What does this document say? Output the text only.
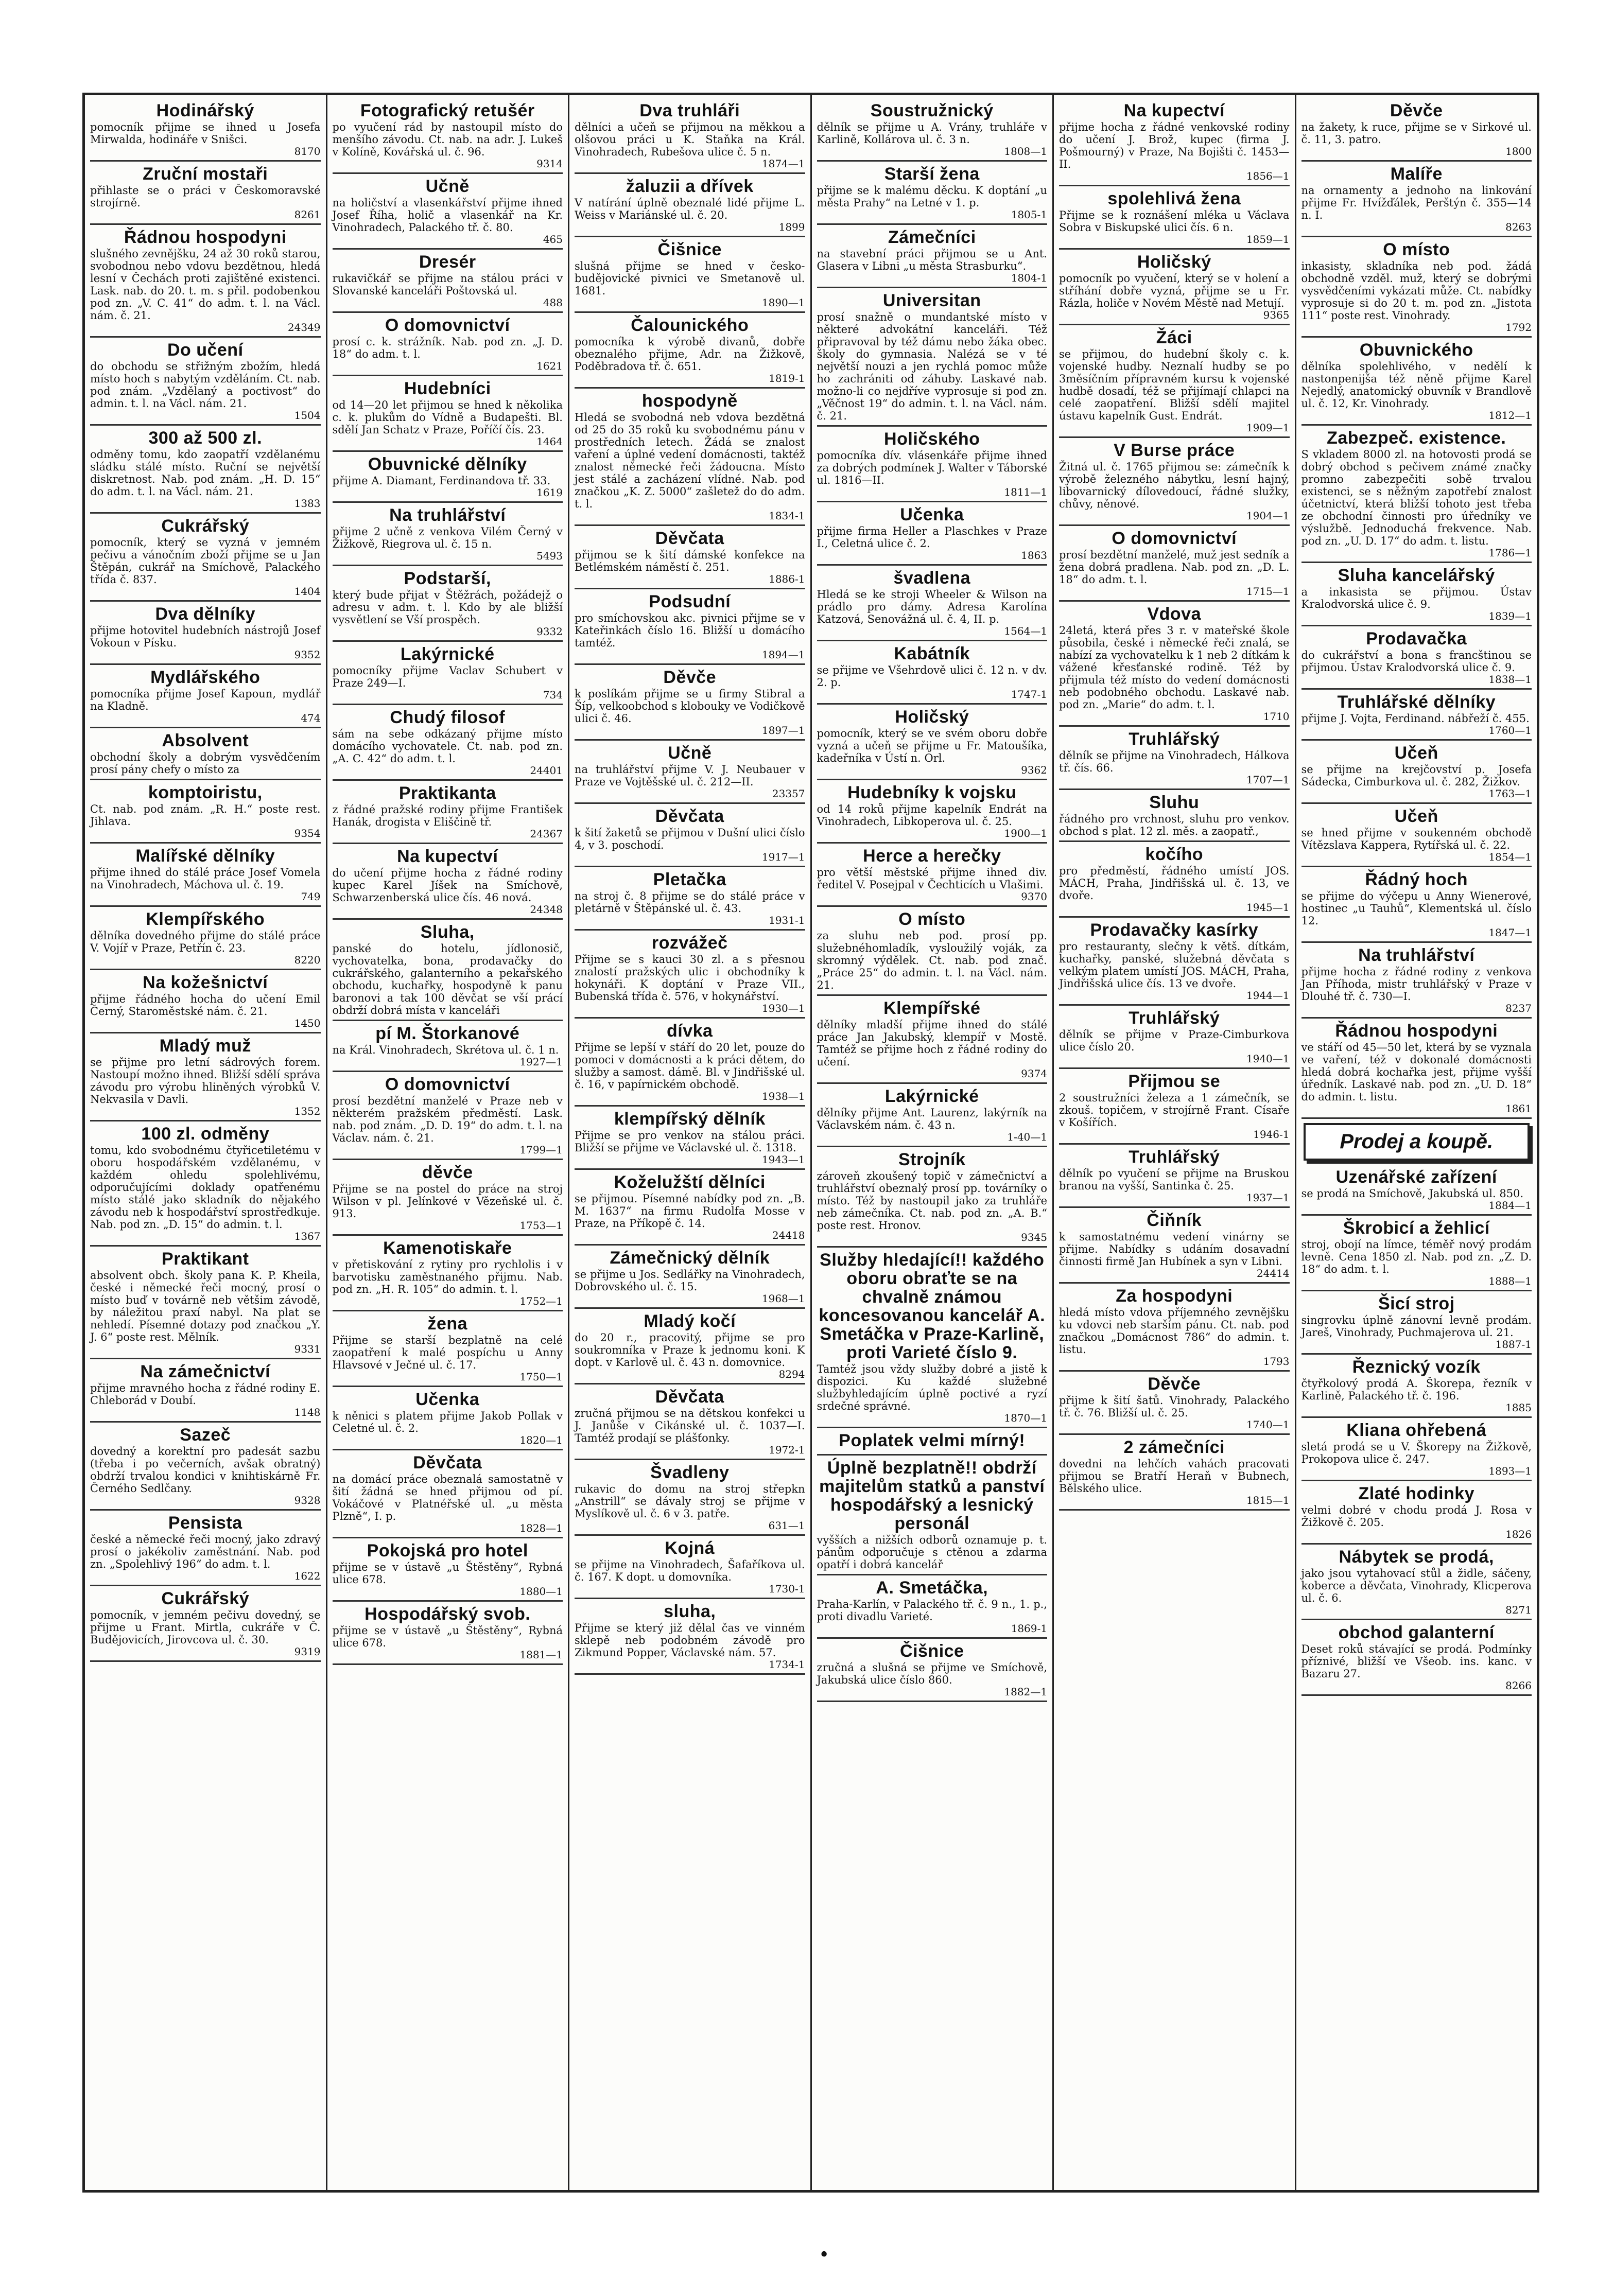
Hodinářský

pomocník přijme se ihned u Josefa Mirwalda, hodináře v Snišci.

8170
Zruční mostaři

přihlaste se o práci v Českomoravské strojírně.

8261
Řádnou hospodyni

slušného zevnějšku, 24 až 30 roků starou, svobodnou nebo vdovu bezdětnou, hledá lesní v Čechách proti zajištěné existenci. Lask. nab. do 20. t. m. s přil. podobenkou pod zn. „V. C. 41“ do adm. t. l. na Václ. nám. č. 21.

24349
Do učení

do obchodu se střižným zbožím, hledá místo hoch s nabytým vzděláním. Ct. nab. pod znám. „Vzdělaný a poctivost“ do admin. t. l. na Václ. nám. 21.

1504
300 až 500 zl.

odměny tomu, kdo zaopatří vzdělanému sládku stálé místo. Ruční se největší diskretnost. Nab. pod znám. „H. D. 15“ do adm. t. l. na Václ. nám. 21.

1383
Cukrářský

pomocník, který se vyzná v jemném pečivu a vánočním zboží přijme se u Jan Štěpán, cukrář na Smíchově, Palackého třída č. 837.

1404
Dva dělníky

přijme hotovitel hudebních nástrojů Josef Vokoun v Písku.

9352
Mydlářského

pomocníka přijme Josef Kapoun, mydlář na Kladně.

474
Absolvent

obchodní školy a dobrým vysvědčením prosí pány chefy o místo za

komptoiristu,

Ct. nab. pod znám. „R. H.“ poste rest. Jihlava.

9354
Malířské dělníky

přijme ihned do stálé práce Josef Vomela na Vinohradech, Máchova ul. č. 19.

749
Klempířského

dělníka dovedného přijme do stálé práce V. Vojíř v Praze, Petřín č. 23.

8220
Na kožešnictví

přijme řádného hocha do učení Emil Černý, Staroměstské nám. č. 21.

1450
Mladý muž

se přijme pro letní sádrových forem. Nastoupí možno ihned. Bližší sdělí správa závodu pro výrobu hliněných výrobků V. Nekvasila v Davli.

1352
100 zl. odměny

tomu, kdo svobodnému čtyřicetiletému v oboru hospodářském vzdělanému, v každém ohledu spolehlivému, odporučujícími doklady opatřenému místo stálé jako skladník do nějakého závodu neb k hospodářství sprostředkuje. Nab. pod zn. „D. 15“ do admin. t. l.

1367
Praktikant

absolvent obch. školy pana K. P. Kheila, české i německé řeči mocný, prosí o místo buď v továrně neb většim závodě, by náležitou praxí nabyl. Na plat se nehledí. Písemné dotazy pod značkou „Y. J. 6“ poste rest. Mělník.

9331
Na zámečnictví

přijme mravného hocha z řádné rodiny E. Chleborád v Doubí.

1148
Sazeč

dovedný a korektní pro padesát sazbu (třeba i po večerních, avšak obratný) obdrží trvalou kondici v knihtiskárně Fr. Černého Sedlčany.

9328
Pensista

české a německé řeči mocný, jako zdravý prosí o jakékoliv zaměstnání. Nab. pod zn. „Spolehlivý 196“ do adm. t. l.

1622
Cukrářský

pomocník, v jemném pečivu dovedný, se přijme u Frant. Mirtla, cukráře v Č. Budějovicích, Jirovcova ul. č. 30.

9319
Fotografický retušér

po vyučení rád by nastoupil místo do menšího závodu. Ct. nab. na adr. J. Lukeš v Kolíně, Kovářská ul. č. 96.

9314
Učně

na holičství a vlasenkářství přijme ihned Josef Říha, holič a vlasenkář na Kr. Vinohradech, Palackého tř. č. 80.

465
Dresér

rukavičkář se přijme na stálou práci v Slovanské kanceláři Poštovská ul.

488
O domovnictví

prosí c. k. strážník. Nab. pod zn. „J. D. 18“ do adm. t. l.

1621
Hudebníci

od 14—20 let přijmou se hned k několika c. k. plukům do Vídně a Budapešti. Bl. sdělí Jan Schatz v Praze, Poříčí čís. 23.

1464
Obuvnické dělníky

přijme A. Diamant, Ferdinandova tř. 33.

1619
Na truhlářství

přijme 2 učně z venkova Vilém Černý v Žižkově, Riegrova ul. č. 15 n.

5493
Podstarší,

který bude přijat v Štěžrách, požádejž o adresu v adm. t. l. Kdo by ale bližší vysvětlení se Vší prospěch.

9332
Lakýrnické

pomocníky přijme Vaclav Schubert v Praze 249—I.

734
Chudý filosof

sám na sebe odkázaný přijme místo domácího vychovatele. Ct. nab. pod zn. „A. C. 42“ do adm. t. l.

24401
Praktikanta

z řádné pražské rodiny přijme František Hanák, drogista v Eliščině tř.

24367
Na kupectví

do učení přijme hocha z řádné rodiny kupec Karel Jíšek na Smíchově, Schwarzenberská ulice čís. 46 nová.

24348
Sluha,

panské do hotelu, jídlonosič, vychovatelka, bona, prodavačky do cukrářského, galanterního a pekařského obchodu, kuchařky, hospodyně k panu baronovi a tak 100 děvčat se vší prácí obdrží dobrá místa v kanceláři

pí M. Štorkanové

na Král. Vinohradech, Skrétova ul. č. 1 n.

1927—1
O domovnictví

prosí bezdětní manželé v Praze neb v některém pražském předměstí. Lask. nab. pod znám. „D. D. 19“ do adm. t. l. na Václav. nám. č. 21.

1799—1
děvče

Přijme se na postel do práce na stroj Wilson v pl. Jelínkové v Vězeňské ul. č. 913.

1753—1
Kamenotiskaře

v přetiskování z rytiny pro rychlolis i v barvotisku zaměstnaného přijmu. Nab. pod zn. „H. R. 105“ do admin. t. l.

1752—1
žena

Přijme se starší bezplatně na celé zaopatření k malé pospíchu u Anny Hlavsové v Ječné ul. č. 17.

1750—1
Učenka

k něnici s platem přijme Jakob Pollak v Celetné ul. č. 2.

1820—1
Děvčata

na domácí práce obeznalá samostatně v šití žádná se hned přijmou od pí. Vokáčové v Platnéřské ul. „u města Plzně“, I. p.

1828—1
Pokojská pro hotel

přijme se v ústavě „u Štěstěny“, Rybná ulice 678.

1880—1
Hospodářský svob.

přijme se v ústavě „u Štěstěny“, Rybná ulice 678.

1881—1
Dva truhláři

dělníci a učeň se přijmou na měkkou a olšovou práci u K. Staňka na Král. Vinohradech, Rubešova ulice č. 5 n.

1874—1
žaluzii a dřívek

V natírání úplně obeznalé lidé přijme L. Weiss v Mariánské ul. č. 20.

1899
Čišnice

slušná přijme se hned v česko-budějovické pivnici ve Smetanově ul. 1681.

1890—1
Čalounického

pomocníka k výrobě divanů, dobře obeznalého přijme, Adr. na Žižkově, Poděbradova tř. č. 651.

1819-1
hospodyně

Hledá se svobodná neb vdova bezdětná od 25 do 35 roků ku svobodnému pánu v prostředních letech. Žádá se znalost vaření a úplné vedení domácnosti, taktéž znalost německé řeči žádoucna. Místo jest stálé a zacházení vlídné. Nab. pod značkou „K. Z. 5000“ zašletež do do adm. t. l.

1834-1
Děvčata

přijmou se k šití dámské konfekce na Betlémském náměstí č. 251.

1886-1
Podsudní

pro smíchovskou akc. pivnici přijme se v Kateřinkách číslo 16. Bližší u domácího tamtéž.

1894—1
Děvče

k poslíkám přijme se u firmy Stibral a Šíp, velkoobchod s klobouky ve Vodičkově ulici č. 46.

1897—1
Učně

na truhlářství přijme V. J. Neubauer v Praze ve Vojtěšské ul. č. 212—II.

23357
Děvčata

k šití žaketů se přijmou v Dušní ulici číslo 4, v 3. poschodí.

1917—1
Pletačka

na stroj č. 8 přijme se do stálé práce v pletárně v Štěpánské ul. č. 43.

1931-1
rozvážeč

Přijme se s kauci 30 zl. a s přesnou znalostí pražských ulic i obchodníky k hokynáři. K doptání v Praze VII., Bubenská třída č. 576, v hokynářství.

1930—1
dívka

Přijme se lepší v stáří do 20 let, pouze do pomoci v domácnosti a k práci dětem, do služby a samost. dámě. Bl. v Jindřišské ul. č. 16, v papírnickém obchodě.

1938—1
klempířský dělník

Přijme se pro venkov na stálou práci. Bližší se přijme ve Václavské ul. č. 1318.

1943—1
Koželužští dělníci

se přijmou. Písemné nabídky pod zn. „B. M. 1637“ na firmu Rudolfa Mosse v Praze, na Příkopě č. 14.

24418
Zámečnický dělník

se přijme u Jos. Sedlářky na Vinohradech, Dobrovského ul. č. 15.

1968—1
Mladý kočí

do 20 r., pracovitý, přijme se pro soukromníka v Praze k jednomu koni. K dopt. v Karlově ul. č. 43 n. domovnice.

8294
Děvčata

zručná přijmou se na dětskou konfekci u J. Janůše v Cikánské ul. č. 1037—I. Tamtéž prodají se plášťonky.

1972-1
Švadleny

rukavic do domu na stroj střepkn „Anstrill“ se dávaly stroj se přijme v Myslíkově ul. č. 6 v 3. patře.

631—1
Kojná

se přijme na Vinohradech, Šafaříkova ul. č. 167. K dopt. u domovníka.

1730-1
sluha,

Přijme se který již dělal čas ve vinném sklepě neb podobném závodě pro Zikmund Popper, Václavské nám. 57.

1734-1
Soustružnický

dělník se přijme u A. Vrány, truhláře v Karlině, Kollárova ul. č. 3 n.

1808—1
Starší žena

přijme se k malému děcku. K doptání „u města Prahy“ na Letné v 1. p.

1805-1
Zámečníci

na stavební práci přijmou se u Ant. Glasera v Libni „u města Strasburku“.

1804-1
Universitan

prosí snažně o mundantské místo v některé advokátní kanceláři. Též připravoval by též dámu nebo žáka obec. školy do gymnasia. Nalézá se v té největší nouzi a jen rychlá pomoc může ho zachrániti od záhuby. Laskavé nab. možno-li co nejdříve vyprosuje si pod zn. „Věčnost 19“ do admin. t. l. na Václ. nám. č. 21.

Holičského

pomocníka dív. vlásenkáře přijme ihned za dobrých podmínek J. Walter v Táborské ul. 1816—II.

1811—1
Učenka

přijme firma Heller a Plaschkes v Praze I., Celetná ulice č. 2.

1863
švadlena

Hledá se ke stroji Wheeler & Wilson na prádlo pro dámy. Adresa Karolína Katzová, Senovážná ul. č. 4, II. p.

1564—1
Kabátník

se přijme ve Všehrdově ulici č. 12 n. v dv. 2. p.

1747-1
Holičský

pomocník, který se ve svém oboru dobře vyzná a učeň se přijme u Fr. Matoušíka, kadeřníka v Ústí n. Orl.

9362
Hudebníky k vojsku

od 14 roků přijme kapelník Endrát na Vinohradech, Libkoperova ul. č. 25.

1900—1
Herce a herečky

pro větší městské přijme ihned div. ředitel V. Posejpal v Čechticích u Vlašimi.

9370
O místo

za sluhu neb pod. prosí pp. služebnéhomladík, vysloužilý voják, za skromný výdělek. Ct. nab. pod znač. „Práce 25“ do admin. t. l. na Václ. nám. 21.

Klempířské

dělníky mladší přijme ihned do stálé práce Jan Jakubský, klempíř v Mostě. Tamtéž se přijme hoch z řádné rodiny do učení.

9374
Lakýrnické

dělníky přijme Ant. Laurenz, lakýrník na Václavském nám. č. 43 n.

1-40—1
Strojník

zároveň zkoušený topič v zámečnictví a truhlářství obeznalý prosí pp. továrníky o místo. Též by nastoupil jako za truhláře neb zámečníka. Ct. nab. pod zn. „A. B.“ poste rest. Hronov.

9345
Služby hledající!! každého oboru obraťte se na chvalně známou koncesovanou kancelář A. Smetáčka v Praze-Karlině, proti Varieté číslo 9.

Tamtéž jsou vždy služby dobré a jistě k dispozici. Ku každé služebné službyhledajícím úplně poctivé a ryzí srdečné správné.

1870—1
Poplatek velmi mírný!

Úplně bezplatně!! obdrží majitelům statků a panství hospodářský a lesnický personál

vyšších a nižších odborů oznamuje p. t. pánům odporučuje s ctěnou a zdarma opatří i dobrá kancelář

A. Smetáčka,

Praha-Karlín, v Palackého tř. č. 9 n., 1. p., proti divadlu Varieté.

1869-1
Čišnice

zručná a slušná se přijme ve Smíchově, Jakubská ulice číslo 860.

1882—1
Na kupectví

přijme hocha z řádné venkovské rodiny do učení J. Brož, kupec (firma J. Pošmourný) v Praze, Na Bojišti č. 1453—II.

1856—1
spolehlivá žena

Přijme se k roznášení mléka u Václava Sobra v Biskupské ulici čís. 6 n.

1859—1
Holičský

pomocník po vyučení, který se v holení a stříhání dobře vyzná, přijme se u Fr. Rázla, holiče v Novém Městě nad Metují.

9365
Žáci

se přijmou, do hudební školy c. k. vojenské hudby. Neznalí hudby se po 3měsíčním přípravném kursu k vojenské hudbě dosadí, též se přijímají chlapci na celé zaopatření. Bližší sdělí majitel ústavu kapelník Gust. Endrát.

1909—1
V Burse práce

Žitná ul. č. 1765 přijmou se: zámečník k výrobě železného nábytku, lesní hajný, libovarnický dílovedoucí, řádné služky, chůvy, něnové.

1904—1
O domovnictví

prosí bezdětní manželé, muž jest sedník a žena dobrá pradlena. Nab. pod zn. „D. L. 18“ do adm. t. l.

1715—1
Vdova

24letá, která přes 3 r. v mateřské škole působila, české i německé řeči znalá, se nabízí za vychovatelku k 1 neb 2 dítkám k vážené křesťanské rodině. Též by přijmula též místo do vedení domácnosti neb podobného obchodu. Laskavé nab. pod zn. „Marie“ do adm. t. l.

1710
Truhlářský

dělník se přijme na Vinohradech, Hálkova tř. čís. 66.

1707—1
Sluhu

řádného pro vrchnost, sluhu pro venkov. obchod s plat. 12 zl. měs. a zaopatř.,

kočího

pro předměstí, řádného umístí JOS. MÁCH, Praha, Jindřišská ul. č. 13, ve dvoře.

1945—1
Prodavačky kasírky

pro restauranty, slečny k větš. dítkám, kuchařky, panské, služebná děvčata s velkým platem umístí JOS. MÁCH, Praha, Jindřišská ulice čís. 13 ve dvoře.

1944—1
Truhlářský

dělník se přijme v Praze-Cimburkova ulice číslo 20.

1940—1
Přijmou se

2 soustružníci železa a 1 zámečník, se zkouš. topičem, v strojírně Frant. Císaře v Košířích.

1946-1
Truhlářský

dělník po vyučení se přijme na Bruskou branou na vyšší, Santinka č. 25.

1937—1
Čiňník

k samostatnému vedení vinárny se přijme. Nabídky s udáním dosavadní činnosti firmě Jan Hubínek a syn v Libni.

24414
Za hospodyni

hledá místo vdova příjemného zevnějšku ku vdovci neb starším pánu. Ct. nab. pod značkou „Domácnost 786“ do admin. t. listu.

1793
Děvče

přijme k šití šatů. Vinohrady, Palackého tř. č. 76. Bližší ul. č. 25.

1740—1
2 zámečníci

dovedni na lehčích vahách pracovati přijmou se Bratří Heraň v Bubnech, Bělského ulice.

1815—1
Děvče

na žakety, k ruce, přijme se v Sirkové ul. č. 11, 3. patro.

1800
Malíře

na ornamenty a jednoho na linkování přijme Fr. Hvížďálek, Perštýn č. 355—14 n. I.

8263
O místo

inkasisty, skladníka neb pod. žádá obchodně vzděl. muž, který se dobrými vysvědčeními vykázati může. Ct. nabídky vyprosuje si do 20 t. m. pod zn. „Jistota 111“ poste rest. Vinohrady.

1792
Obuvnického

dělníka spolehlivého, v nedělí k nastonpenijša též něně přijme Karel Nejedlý, anatomický obuvník v Brandlově ul. č. 12, Kr. Vinohrady.

1812—1
Zabezpeč. existence.

S vkladem 8000 zl. na hotovosti prodá se dobrý obchod s pečivem známé značky promno zabezpečiti sobě trvalou existenci, se s něžným zapotřebí znalost účetnictví, která bližší tohoto jest třeba ze obchodní činnosti pro úředníky ve výslužbě. Jednoduchá frekvence. Nab. pod zn. „U. D. 17“ do adm. t. listu.

1786—1
Sluha kancelářský

a inkasista se přijmou. Ústav Kralodvorská ulice č. 9.

1839—1
Prodavačka

do cukrářství a bona s francštinou se přijmou. Ústav Kralodvorská ulice č. 9.

1838—1
Truhlářské dělníky

přijme J. Vojta, Ferdinand. nábřeží č. 455.

1760—1
Učeň

se přijme na krejčovství p. Josefa Sádecka, Cimburkova ul. č. 282, Žižkov.

1763—1
Učeň

se hned přijme v soukenném obchodě Vítězslava Kappera, Rytířská ul. č. 22.

1854—1
Řádný hoch

se přijme do výčepu u Anny Wienerové, hostinec „u Tauhů“, Klementská ul. číslo 12.

1847—1
Na truhlářství

přijme hocha z řádné rodiny z venkova Jan Příhoda, mistr truhlářský v Praze v Dlouhé tř. č. 730—I.

8237
Řádnou hospodyni

ve stáří od 45—50 let, která by se vyznala ve vaření, též v dokonalé domácnosti hledá dobrá kochařka jest, přijme vyšší úředník. Laskavé nab. pod zn. „U. D. 18“ do admin. t. listu.

1861
Prodej a koupě.
Uzenářské zařízení

se prodá na Smíchově, Jakubská ul. 850.

1884—1
Škrobicí a žehlicí

stroj, obojí na límce, téměř nový prodám levně. Cena 1850 zl. Nab. pod zn. „Z. D. 18“ do adm. t. l.

1888—1
Šicí stroj

singrovku úplně zánovní levně prodám. Jareš, Vinohrady, Puchmajerova ul. 21.

1887-1
Řeznický vozík

čtyřkolový prodá A. Škorepa, řezník v Karlině, Palackého tř. č. 196.

1885
Kliana ohřebená

sletá prodá se u V. Škorepy na Žižkově, Prokopova ulice č. 247.

1893—1
Zlaté hodinky

velmi dobré v chodu prodá J. Rosa v Žižkově č. 205.

1826
Nábytek se prodá,

jako jsou vytahovací stůl a židle, sáčeny, koberce a děvčata, Vinohrady, Klicperova ul. č. 6.

8271
obchod galanterní

Deset roků stávající se prodá. Podmínky příznivé, bližší ve Všeob. ins. kanc. v Bazaru 27.

8266
•
